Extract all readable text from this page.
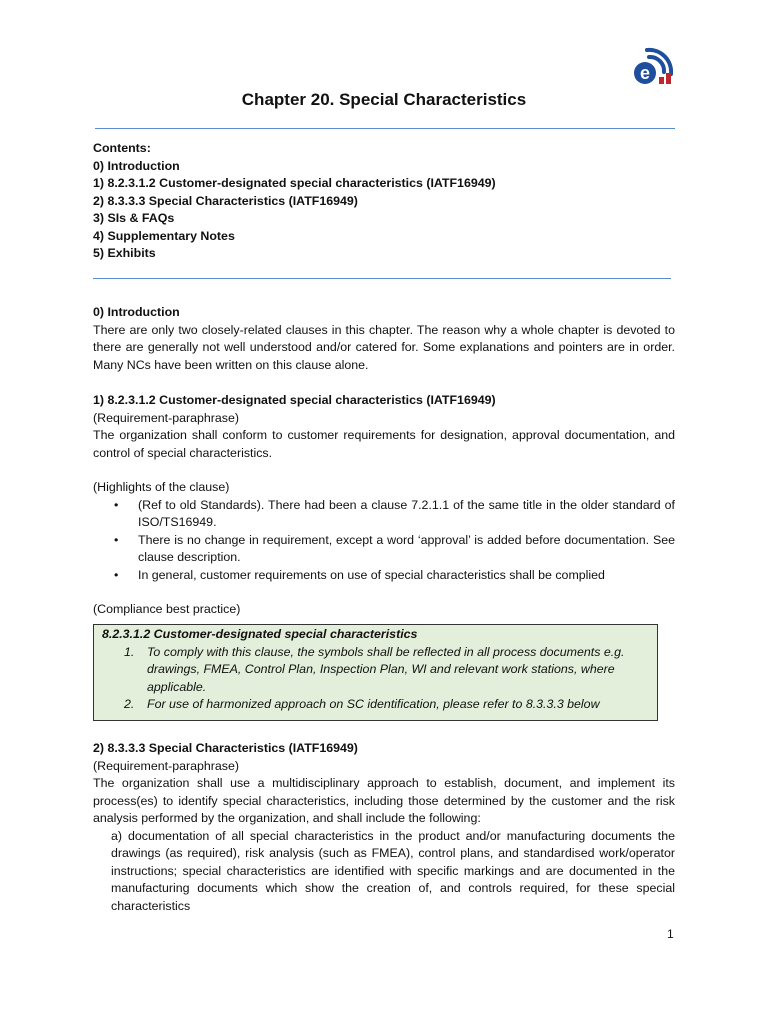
e
Chapter 20. Special Characteristics
Contents:
0) Introduction
1) 8.2.3.1.2 Customer-designated special characteristics (IATF16949)
2) 8.3.3.3 Special Characteristics (IATF16949)
3) SIs & FAQs
4) Supplementary Notes
5) Exhibits
0) Introduction
There are only two closely-related clauses in this chapter. The reason why a whole chapter is devoted to there are generally not well understood and/or catered for. Some explanations and pointers are in order. Many NCs have been written on this clause alone.
1) 8.2.3.1.2 Customer-designated special characteristics (IATF16949)
(Requirement-paraphrase)
The organization shall conform to customer requirements for designation, approval documentation, and control of special characteristics.
(Highlights of the clause)
• (Ref to old Standards). There had been a clause 7.2.1.1 of the same title in the older standard of ISO/TS16949.
• There is no change in requirement, except a word ‘approval’ is added before documentation. See clause description.
• In general, customer requirements on use of special characteristics shall be complied
(Compliance best practice)
8.2.3.1.2 Customer-designated special characteristics
1. To comply with this clause, the symbols shall be reflected in all process documents e.g. drawings, FMEA, Control Plan, Inspection Plan, WI and relevant work stations, where applicable.
2. For use of harmonized approach on SC identification, please refer to 8.3.3.3 below
2) 8.3.3.3 Special Characteristics (IATF16949)
(Requirement-paraphrase)
The organization shall use a multidisciplinary approach to establish, document, and implement its process(es) to identify special characteristics, including those determined by the customer and the risk analysis performed by the organization, and shall include the following:
a) documentation of all special characteristics in the product and/or manufacturing documents the drawings (as required), risk analysis (such as FMEA), control plans, and standardised work/operator instructions; special characteristics are identified with specific markings and are documented in the manufacturing documents which show the creation of, and controls required, for these special characteristics
1
